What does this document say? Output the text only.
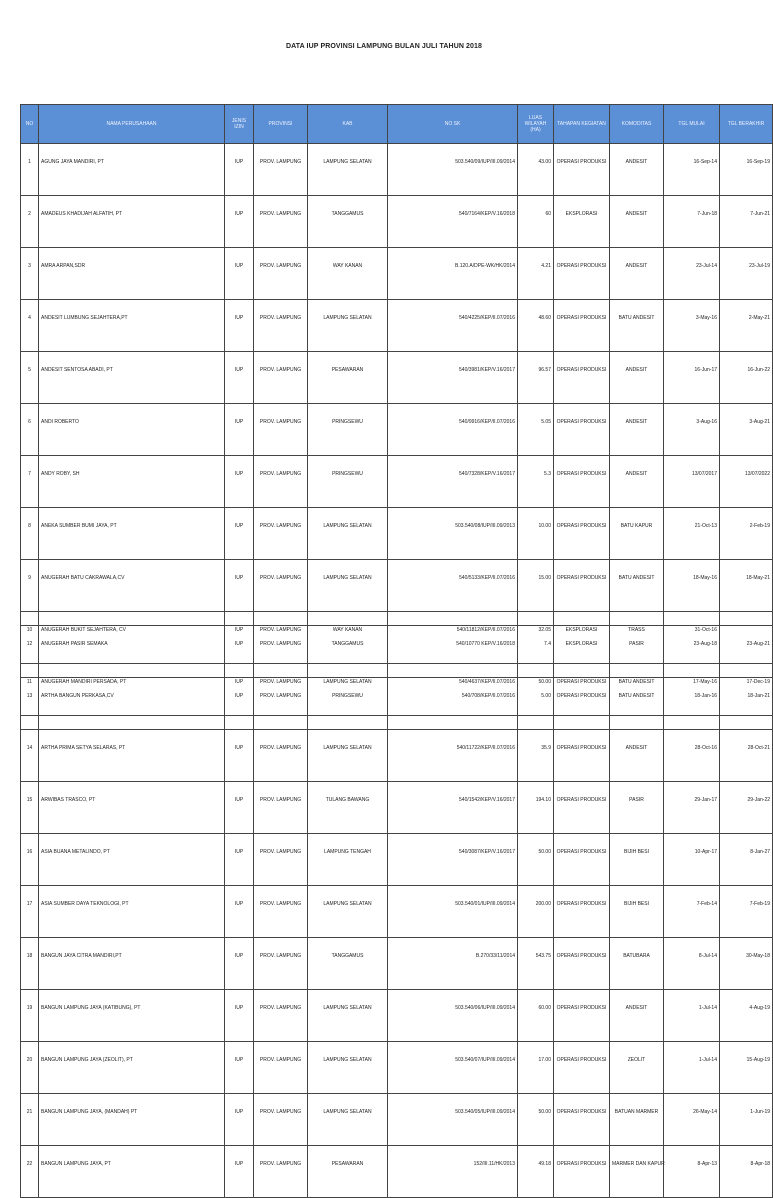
DATA IUP PROVINSI LAMPUNG BULAN JULI TAHUN 2018
NO	NAMA PERUSAHAAN	JENIS IZIN	PROVINSI	KAB	NO SK	LUAS WILAYAH (HA)	TAHAPAN KEGIATAN	KOMODITAS	TGL MULAI	TGL BERAKHIR
1	AGUNG JAYA MANDIRI, PT	IUP	PROV. LAMPUNG	LAMPUNG SELATAN	503.540/09/IUP/III.09/2014	43.00	OPERASI PRODUKSI	ANDESIT	16-Sep-14	16-Sep-19
2	AMADEUS KHADIJAH ALFATIH, PT	IUP	PROV. LAMPUNG	TANGGAMUS	540/7164/KEP/V.16/2018	60	EKSPLORASI	ANDESIT	7-Jun-18	7-Jun-21
3	AMRA ARPAN,SDR	IUP	PROV. LAMPUNG	WAY KANAN	B.120.A/DPE-WK/HK/2014	4.21	OPERASI PRODUKSI	ANDESIT	23-Jul-14	23-Jul-19
4	ANDESIT LUMBUNG SEJAHTERA,PT	IUP	PROV. LAMPUNG	LAMPUNG SELATAN	540/4225/KEP/II.07/2016	48.60	OPERASI PRODUKSI	BATU ANDESIT	3-May-16	2-May-21
5	ANDESIT SENTOSA ABADI, PT	IUP	PROV. LAMPUNG	PESAWARAN	540/3981/KEP/V.16/2017	96.57	OPERASI PRODUKSI	ANDESIT	16-Jun-17	16-Jun-22
6	ANDI ROBERTO	IUP	PROV. LAMPUNG	PRINGSEWU	540/9916/KEP/II.07/2016	5.05	OPERASI PRODUKSI	ANDESIT	3-Aug-16	3-Aug-21
7	ANDY ROBY, SH	IUP	PROV. LAMPUNG	PRINGSEWU	540/7328/KEP/V.16/2017	5.3	OPERASI PRODUKSI	ANDESIT	13/07/2017	13/07/2022
8	ANEKA SUMBER BUMI JAYA, PT	IUP	PROV. LAMPUNG	LAMPUNG SELATAN	503.540/08/IUP/III.09/2013	10.00	OPERASI PRODUKSI	BATU KAPUR	21-Oct-13	2-Feb-19
9	ANUGERAH BATU CAKRAWALA,CV	IUP	PROV. LAMPUNG	LAMPUNG SELATAN	540/5133/KEP/II.07/2016	15.00	OPERASI PRODUKSI	BATU ANDESIT	18-May-16	18-May-21
10	ANUGERAH BUKIT SEJAHTERA, CV	IUP	PROV. LAMPUNG	WAY KANAN	540/11812/KEP/II.07/2016	32.05	EKSPLORASI	TRASS	31-Oct-16	
11	ANUGERAH MANDIRI PERSADA, PT	IUP	PROV. LAMPUNG	LAMPUNG SELATAN	540/4637/KEP/II.07/2016	50.00	OPERASI PRODUKSI	BATU ANDESIT	17-May-16	17-Dec-19
12	ANUGERAH PASIR SEMAKA	IUP	PROV. LAMPUNG	TANGGAMUS	540/10770 KEP/V.16/2018	7.4	EKSPLORASI	PASIR	23-Aug-18	23-Aug-21
13	ARTHA BANGUN PERKASA,CV	IUP	PROV. LAMPUNG	PRINGSEWU	540/708/KEP/II.07/2016	5.00	OPERASI PRODUKSI	BATU ANDESIT	18-Jan-16	18-Jan-21
14	ARTHA PRIMA SETYA SELARAS, PT	IUP	PROV. LAMPUNG	LAMPUNG SELATAN	540/11722/KEP/II.07/2016	35.9	OPERASI PRODUKSI	ANDESIT	28-Oct-16	28-Oct-21
15	ARWIBAS TRASCO, PT	IUP	PROV. LAMPUNG	TULANG BAWANG	540/1542/KEP/V.16/2017	194.10	OPERASI PRODUKSI	PASIR	29-Jan-17	29-Jan-22
16	ASIA BUANA METALINDO, PT	IUP	PROV. LAMPUNG	LAMPUNG TENGAH	540/3087/KEP/V.16/2017	50.00	OPERASI PRODUKSI	BIJIH BESI	10-Apr-17	8-Jan-27
17	ASIA SUMBER DAYA TEKNOLOGI, PT	IUP	PROV. LAMPUNG	LAMPUNG SELATAN	503.540/01/IUP/III.09/2014	200.00	OPERASI PRODUKSI	BIJIH BESI	7-Feb-14	7-Feb-19
18	BANGUN JAYA CITRA MANDIRI,PT	IUP	PROV. LAMPUNG	TANGGAMUS	B.270/33/11/2014	543.75	OPERASI PRODUKSI	BATUBARA	8-Jul-14	30-May-18
19	BANGUN LAMPUNG JAYA (KATIBUNG), PT	IUP	PROV. LAMPUNG	LAMPUNG SELATAN	503.540/06/IUP/III.09/2014	60.00	OPERASI PRODUKSI	ANDESIT	1-Jul-14	4-Aug-19
20	BANGUN LAMPUNG JAYA (ZEOLIT), PT	IUP	PROV. LAMPUNG	LAMPUNG SELATAN	503.540/07/IUP/III.09/2014	17.00	OPERASI PRODUKSI	ZEOLIT	1-Jul-14	15-Aug-19
21	BANGUN LAMPUNG JAYA, (MANDAH) PT	IUP	PROV. LAMPUNG	LAMPUNG SELATAN	503.540/05/IUP/III.09/2014	50.00	OPERASI PRODUKSI	BATUAN MARMER	26-May-14	1-Jun-19
22	BANGUN LAMPUNG JAYA, PT	IUP	PROV. LAMPUNG	PESAWARAN	152/III.11/HK/2013	49.18	OPERASI PRODUKSI	MARMER DAN KAPUR	8-Apr-13	8-Apr-18
